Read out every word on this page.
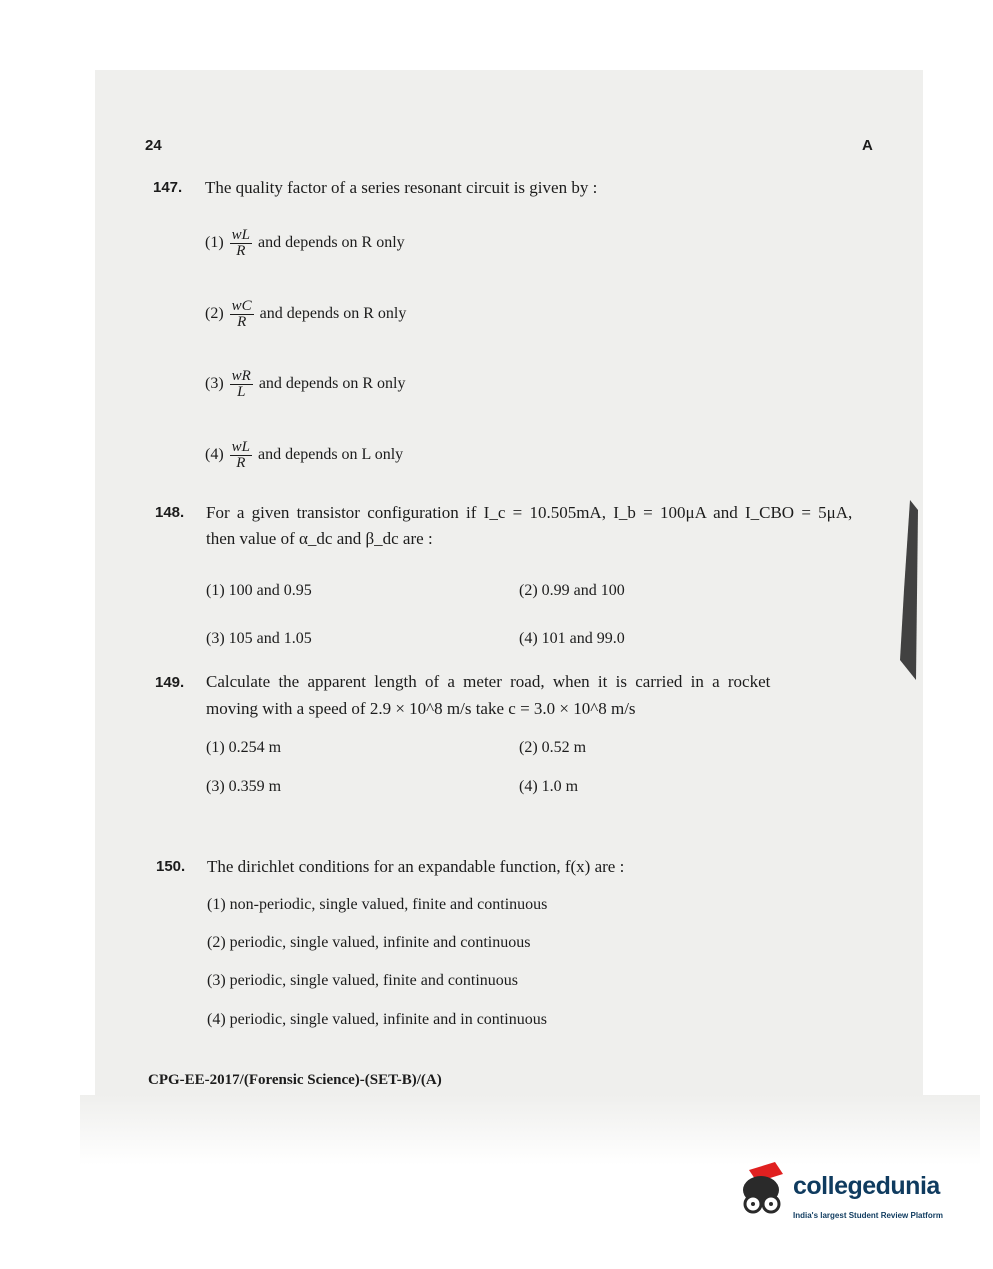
24	A
147. The quality factor of a series resonant circuit is given by :
$(1) \frac{wL}{R}$ and depends on R only
$(2) \frac{wC}{R}$ and depends on R only
$(3) \frac{wR}{L}$ and depends on R only
$(4) \frac{wL}{R}$ and depends on L only
148. For a given transistor configuration if I_c = 10.505mA, I_b = 100μA and I_CBO = 5μA,
then value of α_dc and β_dc are :
(1) 100 and 0.95	(2) 0.99 and 100
(3) 105 and 1.05	(4) 101 and 99.0
149. Calculate the apparent length of a meter road, when it is carried in a rocket
moving with a speed of 2.9 × 10^8 m/s take c = 3.0 × 10^8 m/s
(1) 0.254 m	(2) 0.52 m
(3) 0.359 m	(4) 1.0 m
150. The dirichlet conditions for an expandable function, f(x) are :
(1) non-periodic, single valued, finite and continuous
(2) periodic, single valued, infinite and continuous
(3) periodic, single valued, finite and continuous
(4) periodic, single valued, infinite and in continuous
CPG-EE-2017/(Forensic Science)-(SET-B)/(A)
collegedunia
India's largest Student Review Platform
